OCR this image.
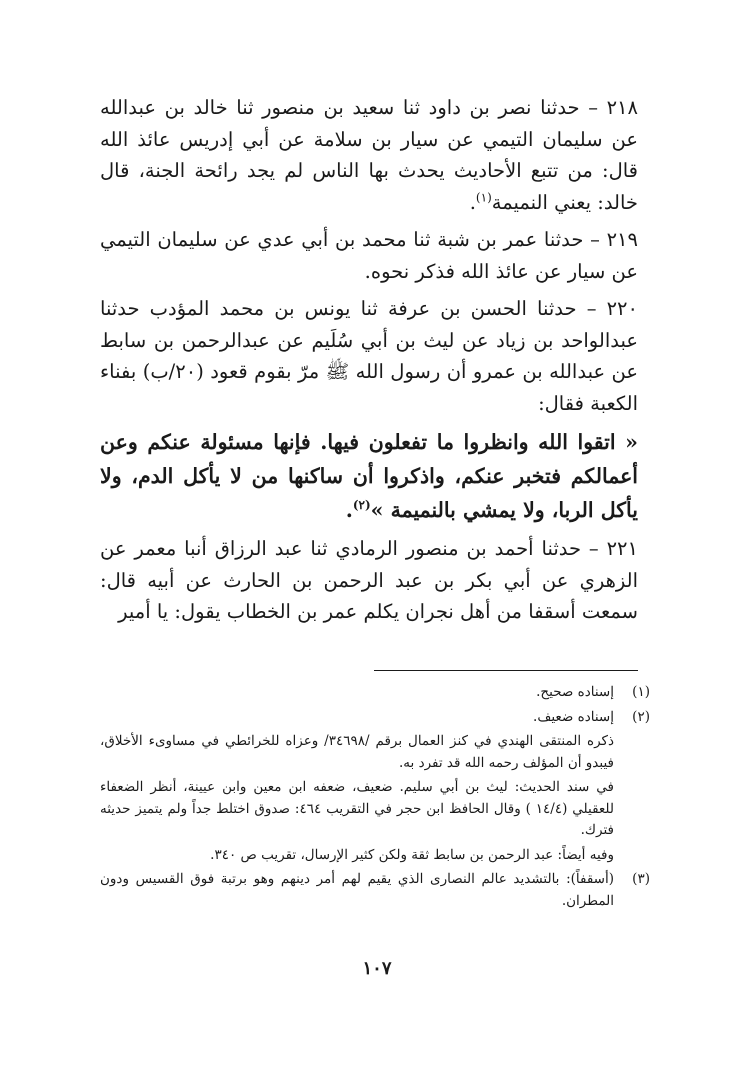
٢١٨ – حدثنا نصر بن داود ثنا سعيد بن منصور ثنا خالد بن عبدالله عن سليمان التيمي عن سيار بن سلامة عن أبي إدريس عائذ الله قال: من تتبع الأحاديث يحدث بها الناس لم يجد رائحة الجنة، قال خالد: يعني النميمة$^{(١)}$.

٢١٩ – حدثنا عمر بن شبة ثنا محمد بن أبي عدي عن سليمان التيمي عن سيار عن عائذ الله فذكر نحوه.

٢٢٠ – حدثنا الحسن بن عرفة ثنا يونس بن محمد المؤدب حدثنا عبدالواحد بن زياد عن ليث بن أبي سُلَيم عن عبدالرحمن بن سابط عن عبدالله بن عمرو أن رسول الله ﷺ مرّ بقوم قعود (٢٠/ب) بفناء الكعبة فقال:

« اتقوا الله وانظروا ما تفعلون فيها. فإنها مسئولة عنكم وعن أعمالكم فتخبر عنكم، واذكروا أن ساكنها من لا يأكل الدم، ولا يأكل الربا، ولا يمشي بالنميمة »$^{(٢)}$.

٢٢١ – حدثنا أحمد بن منصور الرمادي ثنا عبد الرزاق أنبا معمر عن الزهري عن أبي بكر بن عبد الرحمن بن الحارث عن أبيه قال: سمعت أسقفا من أهل نجران يكلم عمر بن الخطاب يقول: يا أمير

(١)

إسناده صحيح.

(٢)

إسناده ضعيف.

ذكره المنتقى الهندي في كنز العمال برقم /٣٤٦٩٨/ وعزاه للخرائطي في مساوىء الأخلاق، فيبدو أن المؤلف رحمه الله قد تفرد به.

في سند الحديث: ليث بن أبي سليم. ضعيف، ضعفه ابن معين وابن عيينة، أنظر الضعفاء للعقيلي (١٤/٤ ) وقال الحافظ ابن حجر في التقريب ٤٦٤: صدوق اختلط جداً ولم يتميز حديثه فترك.

وفيه أيضاً: عبد الرحمن بن سابط ثقة ولكن كثير الإرسال، تقريب ص ٣٤٠.

(٣)

(أسقفاً): بالتشديد عالم النصارى الذي يقيم لهم أمر دينهم وهو برتبة فوق القسيس ودون المطران.

١٠٧
